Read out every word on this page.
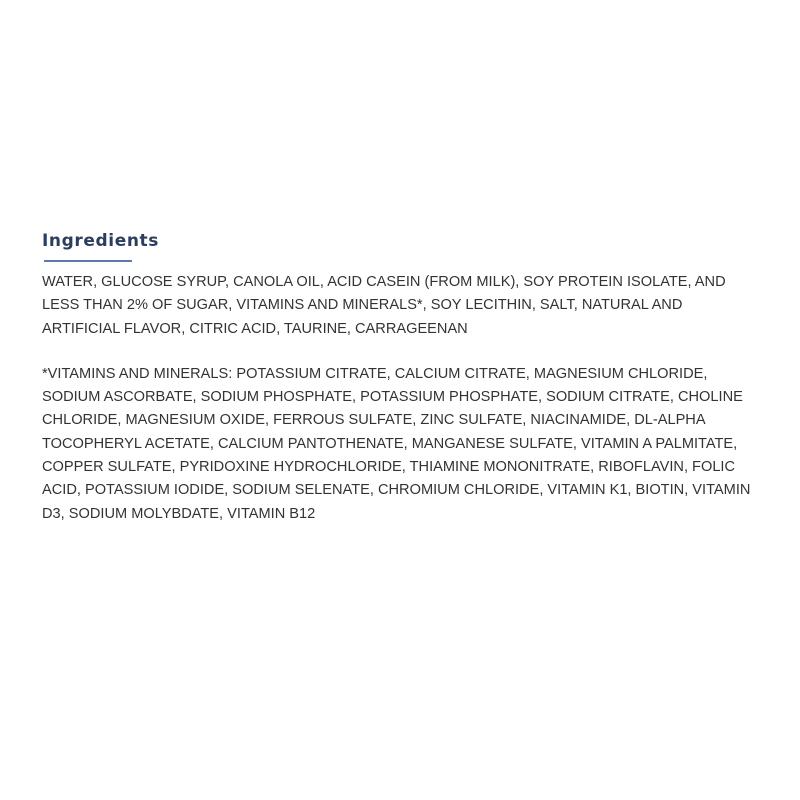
Ingredients

WATER, GLUCOSE SYRUP, CANOLA OIL, ACID CASEIN (FROM MILK), SOY PROTEIN ISOLATE, AND LESS THAN 2% OF SUGAR, VITAMINS AND MINERALS*, SOY LECITHIN, SALT, NATURAL AND ARTIFICIAL FLAVOR, CITRIC ACID, TAURINE, CARRAGEENAN

*VITAMINS AND MINERALS: POTASSIUM CITRATE, CALCIUM CITRATE, MAGNESIUM CHLORIDE, SODIUM ASCORBATE, SODIUM PHOSPHATE, POTASSIUM PHOSPHATE, SODIUM CITRATE, CHOLINE CHLORIDE, MAGNESIUM OXIDE, FERROUS SULFATE, ZINC SULFATE, NIACINAMIDE, DL-ALPHA TOCOPHERYL ACETATE, CALCIUM PANTOTHENATE, MANGANESE SULFATE, VITAMIN A PALMITATE, COPPER SULFATE, PYRIDOXINE HYDROCHLORIDE, THIAMINE MONONITRATE, RIBOFLAVIN, FOLIC ACID, POTASSIUM IODIDE, SODIUM SELENATE, CHROMIUM CHLORIDE, VITAMIN K1, BIOTIN, VITAMIN D3, SODIUM MOLYBDATE, VITAMIN B12
